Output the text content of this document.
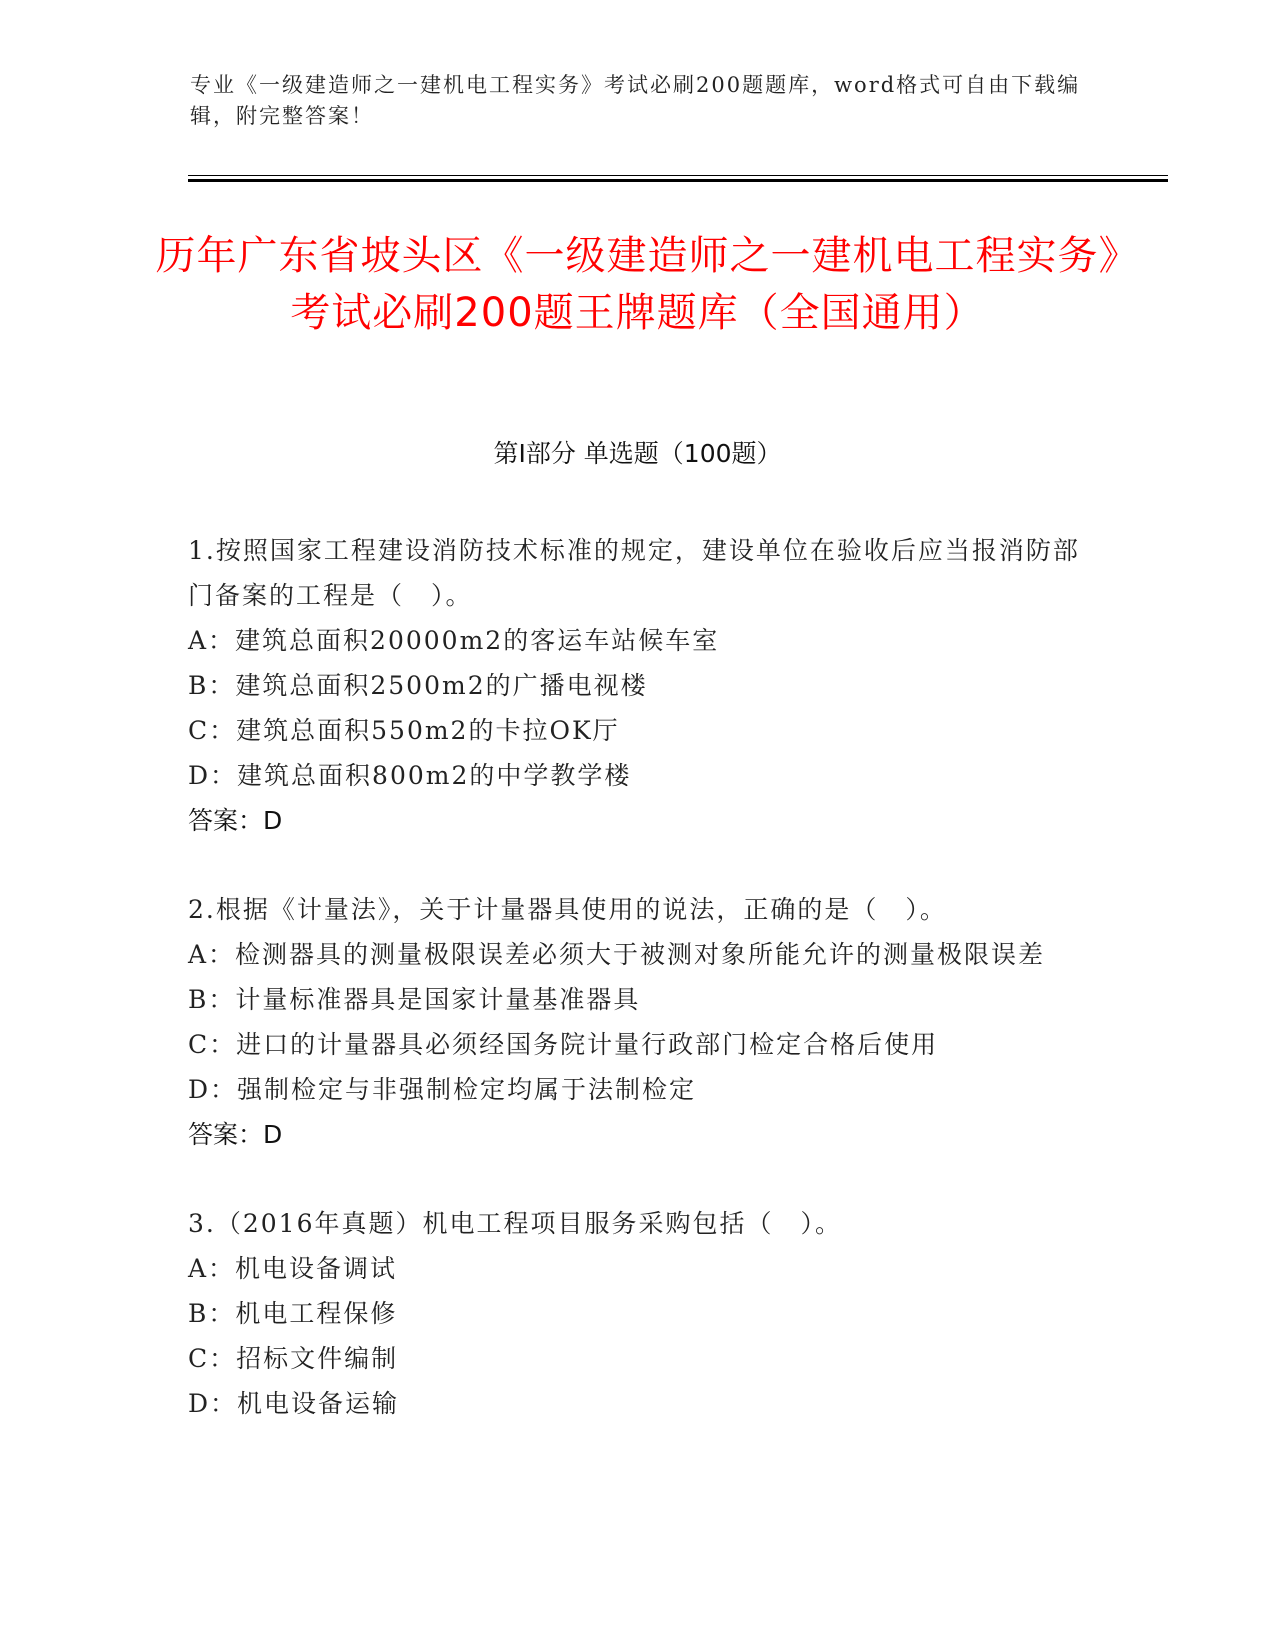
专业《一级建造师之一建机电工程实务》考试必刷200题题库，word格式可自由下载编辑，附完整答案！
历年广东省坡头区《一级建造师之一建机电工程实务》考试必刷200题王牌题库（全国通用）
第Ⅰ部分 单选题（100题）
1.按照国家工程建设消防技术标准的规定，建设单位在验收后应当报消防部门备案的工程是（　）。
A：建筑总面积20000m2的客运车站候车室
B：建筑总面积2500m2的广播电视楼
C：建筑总面积550m2的卡拉OK厅
D：建筑总面积800m2的中学教学楼
答案：D
2.根据《计量法》，关于计量器具使用的说法，正确的是（　）。
A：检测器具的测量极限误差必须大于被测对象所能允许的测量极限误差
B：计量标准器具是国家计量基准器具
C：进口的计量器具必须经国务院计量行政部门检定合格后使用
D：强制检定与非强制检定均属于法制检定
答案：D
3.（2016年真题）机电工程项目服务采购包括（　）。
A：机电设备调试
B：机电工程保修
C：招标文件编制
D：机电设备运输
